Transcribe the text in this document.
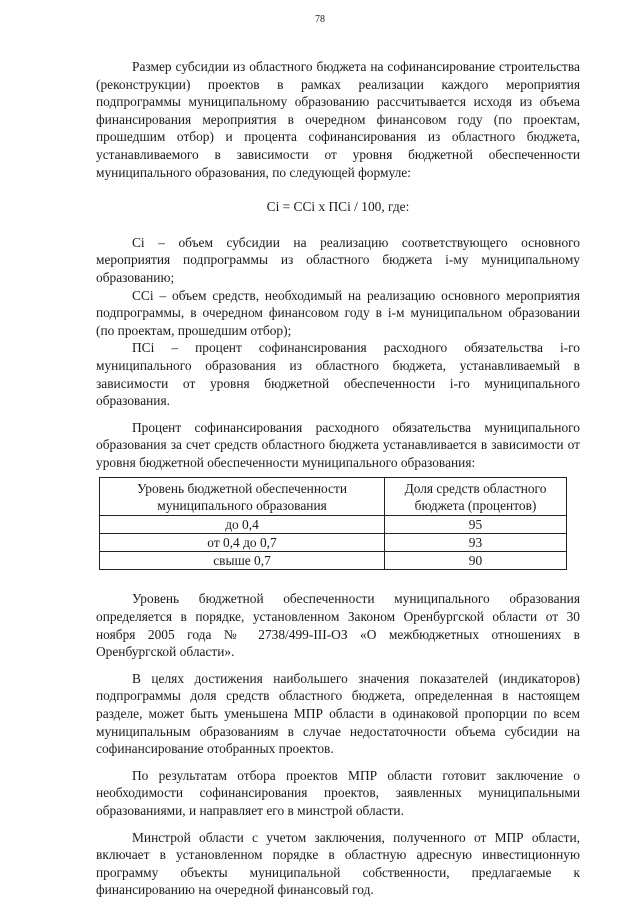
78

Размер субсидии из областного бюджета на софинансирование строительства (реконструкции) проектов в рамках реализации каждого мероприятия подпрограммы муниципальному образованию рассчитывается исходя из объема финансирования мероприятия в очередном финансовом году (по проектам, прошедшим отбор) и процента софинансирования из областного бюджета, устанавливаемого в зависимости от уровня бюджетной обеспеченности муниципального образования, по следующей формуле:

Ci = CCi x ПCi / 100, где:

Ci – объем субсидии на реализацию соответствующего основного мероприятия подпрограммы из областного бюджета i-му муниципальному образованию;

CCi – объем средств, необходимый на реализацию основного мероприятия подпрограммы, в очередном финансовом году в i-м муниципальном образовании (по проектам, прошедшим отбор);

ПCi – процент софинансирования расходного обязательства i-го муниципального образования из областного бюджета, устанавливаемый в зависимости от уровня бюджетной обеспеченности i-го муниципального образования.

Процент софинансирования расходного обязательства муниципального образования за счет средств областного бюджета устанавливается в зависимости от уровня бюджетной обеспеченности муниципального образования:

Уровень бюджетной обеспеченности муниципального образования	Доля средств областного бюджета (процентов)
до 0,4	95
от 0,4 до 0,7	93
свыше 0,7	90

Уровень бюджетной обеспеченности муниципального образования определяется в порядке, установленном Законом Оренбургской области от 30 ноября 2005 года № 2738/499-III-ОЗ «О межбюджетных отношениях в Оренбургской области».

В целях достижения наибольшего значения показателей (индикаторов) подпрограммы доля средств областного бюджета, определенная в настоящем разделе, может быть уменьшена МПР области в одинаковой пропорции по всем муниципальным образованиям в случае недостаточности объема субсидии на софинансирование отобранных проектов.

По результатам отбора проектов МПР области готовит заключение о необходимости софинансирования проектов, заявленных муниципальными образованиями, и направляет его в минстрой области.

Минстрой области с учетом заключения, полученного от МПР области, включает в установленном порядке в областную адресную инвестиционную программу объекты муниципальной собственности, предлагаемые к финансированию на очередной финансовый год.
